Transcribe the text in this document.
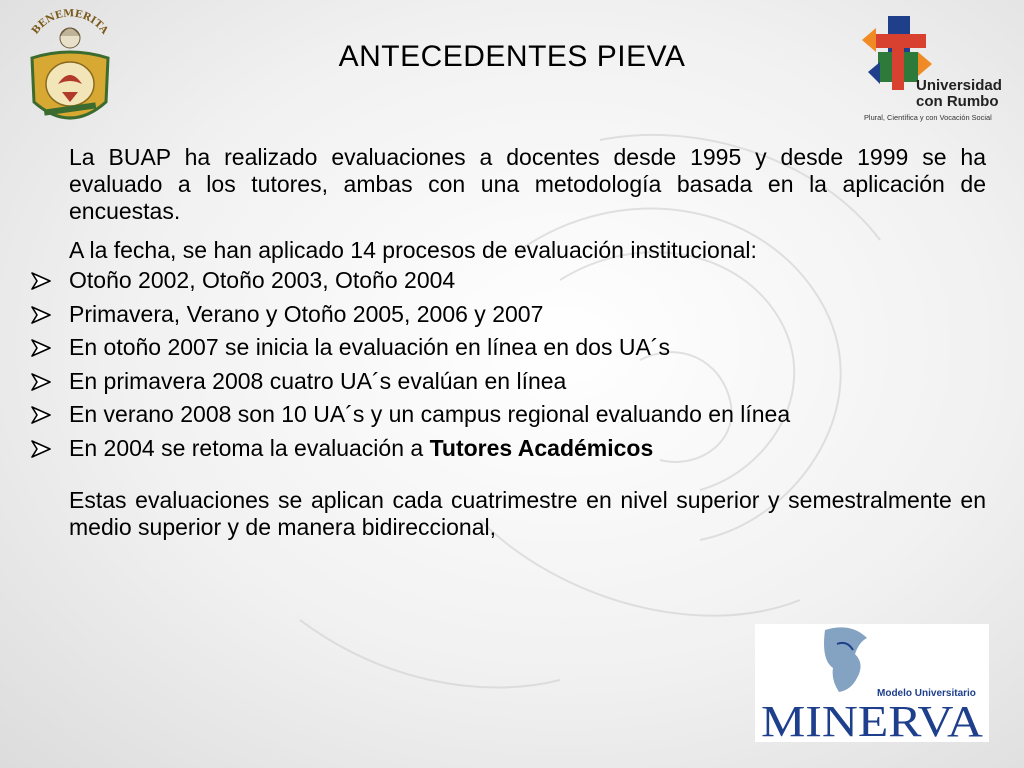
BENEMERITA
Universidad
con Rumbo
Plural, Científica y con Vocación Social
ANTECEDENTES PIEVA

La BUAP ha realizado evaluaciones a docentes desde 1995 y desde 1999 se ha evaluado a los tutores, ambas con una metodología basada en la aplicación de encuestas.

A la fecha, se han aplicado 14 procesos de evaluación institucional:

Otoño 2002, Otoño 2003, Otoño 2004
Primavera, Verano y Otoño 2005, 2006 y 2007
En otoño 2007 se inicia la evaluación en línea en dos UA´s
En primavera 2008 cuatro UA´s evalúan en línea
En verano 2008 son 10 UA´s y un campus regional evaluando en línea
En 2004 se retoma la evaluación a Tutores Académicos

Estas evaluaciones se aplican cada cuatrimestre en nivel superior y semestralmente en medio superior y de manera bidireccional,

Modelo Universitario
MINERVA
